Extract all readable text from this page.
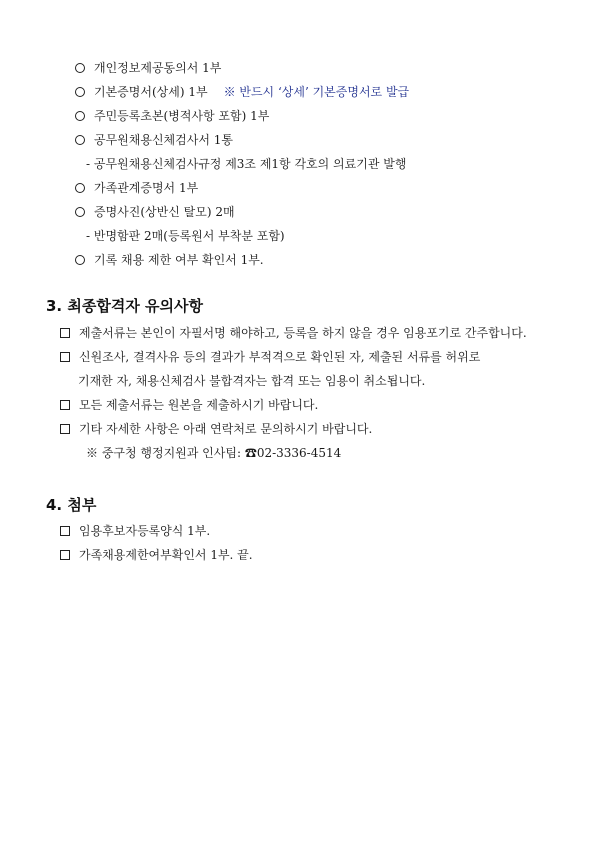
개인정보제공동의서 1부
기본증명서(상세) 1부 ※ 반드시 ‘상세’ 기본증명서로 발급
주민등록초본(병적사항 포함) 1부
공무원채용신체검사서 1통
- 공무원채용신체검사규정 제3조 제1항 각호의 의료기관 발행
가족관계증명서 1부
증명사진(상반신 탈모) 2매
- 반명함판 2매(등록원서 부착분 포함)
기록 채용 제한 여부 확인서 1부.
3. 최종합격자 유의사항
제출서류는 본인이 자필서명 해야하고, 등록을 하지 않을 경우 임용포기로 간주합니다.
신원조사, 결격사유 등의 결과가 부적격으로 확인된 자, 제출된 서류를 허위로
기재한 자, 채용신체검사 불합격자는 합격 또는 임용이 취소됩니다.
모든 제출서류는 원본을 제출하시기 바랍니다.
기타 자세한 사항은 아래 연락처로 문의하시기 바랍니다.
※ 중구청 행정지원과 인사팀: ☎02-3336-4514
4. 첨부
임용후보자등록양식 1부.
가족채용제한여부확인서 1부. 끝.
